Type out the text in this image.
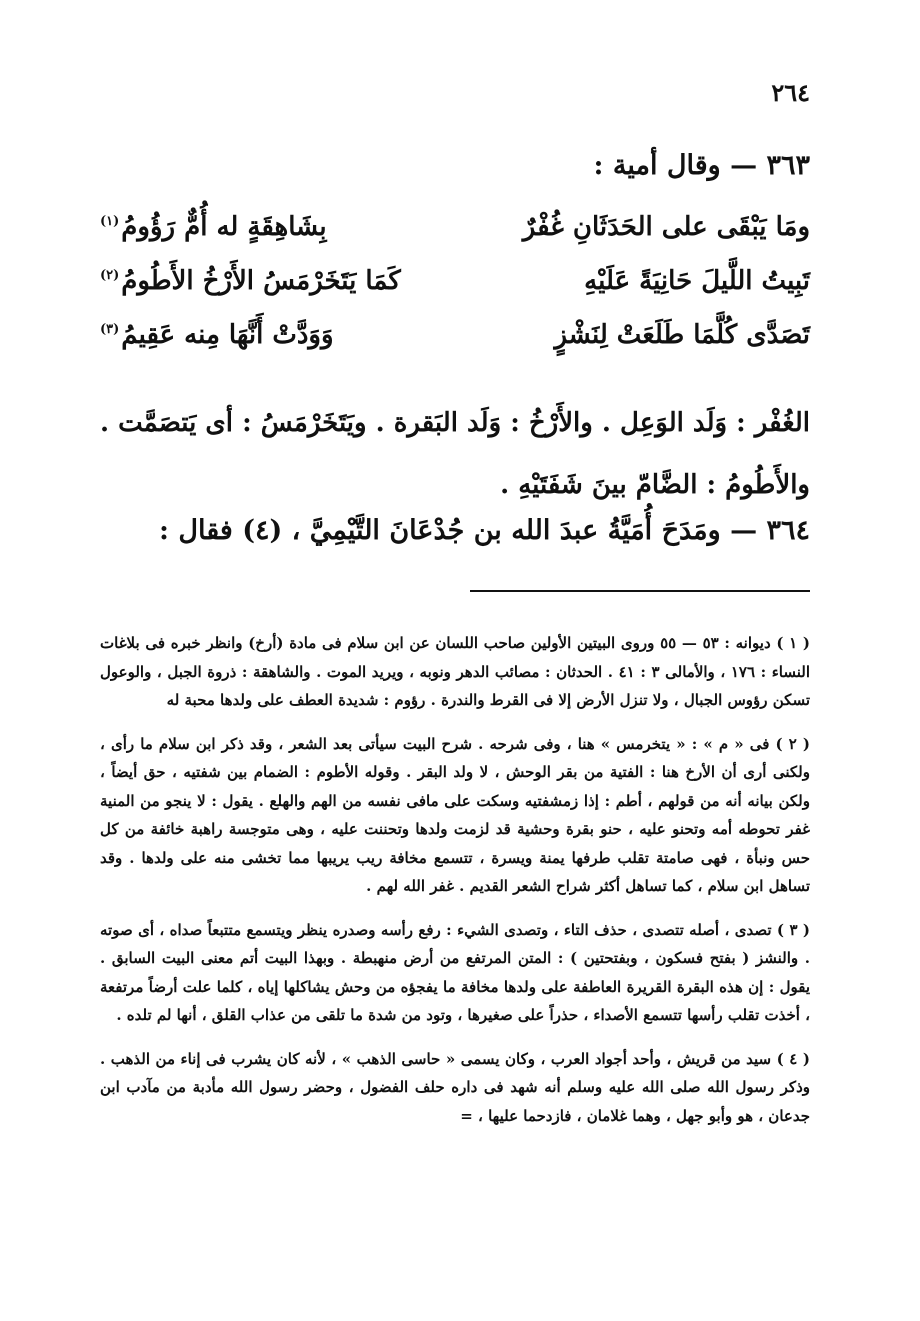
٢٦٤
٣٦٣ — وقال أمية :
ومَا يَبْقَى على الحَدَثَانِ غُفْرٌ
بِشَاهِقَةٍ له أُمٌّ رَؤُومُ$^{(١)}$
تَبِيتُ اللَّيلَ حَانِيَةً عَلَيْهِ
كَمَا يَتَخَرْمَسُ الأَرْخُ الأَطُومُ$^{(٢)}$
تَصَدَّى كُلَّمَا طَلَعَتْ لِنَشْزٍ
وَوَدَّتْ أَنَّهَا مِنه عَقِيمُ$^{(٣)}$
الغُفْر : وَلَد الوَعِل . والأَرْخُ : وَلَد البَقرة . ويَتَخَرْمَسُ : أى يَتصَمَّت . والأَطُومُ : الضَّامّ بينَ شَفَتَيْهِ .
٣٦٤ — ومَدَحَ أُمَيَّةُ عبدَ الله بن جُدْعَانَ التَّيْمِيَّ ، (٤) فقال :

( ١ ) ديوانه : ٥٣ — ٥٥ وروى البيتين الأولين صاحب اللسان عن ابن سلام فى مادة (أرخ) وانظر خبره فى بلاغات النساء : ١٧٦ ، والأمالى ٣ : ٤١ . الحدثان : مصائب الدهر ونوبه ، ويريد الموت . والشاهقة : ذروة الجبل ، والوعول تسكن رؤوس الجبال ، ولا تنزل الأرض إلا فى القرط والندرة . رؤوم : شديدة العطف على ولدها محبة له

( ٢ ) فى « م » : « يتخرمس » هنا ، وفى شرحه . شرح البيت سيأتى بعد الشعر ، وقد ذكر ابن سلام ما رأى ، ولكنى أرى أن الأرخ هنا : الفتية من بقر الوحش ، لا ولد البقر . وقوله الأطوم : الضمام بين شفتيه ، حق أيضاً ، ولكن بيانه أنه من قولهم ، أطم : إذا زمشفتيه وسكت على مافى نفسه من الهم والهلع . يقول : لا ينجو من المنية غفر تحوطه أمه وتحنو عليه ، حنو بقرة وحشية قد لزمت ولدها وتحننت عليه ، وهى متوجسة راهبة خائفة من كل حس ونبأة ، فهى صامتة تقلب طرفها يمنة ويسرة ، تتسمع مخافة ريب يريبها مما تخشى منه على ولدها . وقد تساهل ابن سلام ، كما تساهل أكثر شراح الشعر القديم . غفر الله لهم .

( ٣ ) تصدى ، أصله تتصدى ، حذف التاء ، وتصدى الشيء : رفع رأسه وصدره ينظر ويتسمع متتبعاً صداه ، أى صوته . والنشز ( بفتح فسكون ، وبفتحتين ) : المتن المرتفع من أرض منهبطة . وبهذا البيت أتم معنى البيت السابق . يقول : إن هذه البقرة القريرة العاطفة على ولدها مخافة ما يفجؤه من وحش يشاكلها إياه ، كلما علت أرضاً مرتفعة ، أخذت تقلب رأسها تتسمع الأصداء ، حذراً على صغيرها ، وتود من شدة ما تلقى من عذاب القلق ، أنها لم تلده .

( ٤ ) سيد من قريش ، وأحد أجواد العرب ، وكان يسمى « حاسى الذهب » ، لأنه كان يشرب فى إناء من الذهب . وذكر رسول الله صلى الله عليه وسلم أنه شهد فى داره حلف الفضول ، وحضر رسول الله مأدبة من مآدب ابن جدعان ، هو وأبو جهل ، وهما غلامان ، فازدحما عليها ، =
